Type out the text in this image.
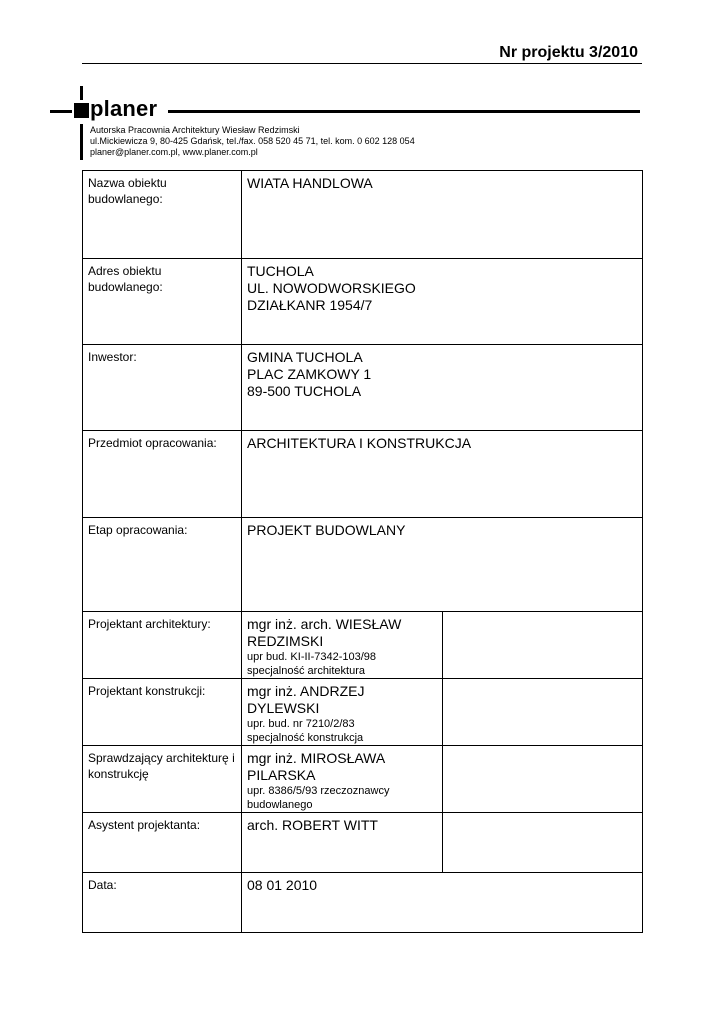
Nr projektu 3/2010
planer
Autorska Pracownia Architektury Wiesław Redzimski
ul.Mickiewicza 9, 80-425 Gdańsk, tel./fax. 058 520 45 71, tel. kom. 0 602 128 054
planer@planer.com.pl, www.planer.com.pl
Nazwa obiektu budowlanego:	WIATA HANDLOWA	
Adres obiektu budowlanego:	TUCHOLA
UL. NOWODWORSKIEGO
DZIAŁKANR 1954/7	

Inwestor:	GMINA TUCHOLA
PLAC ZAMKOWY 1
89-500 TUCHOLA	

Przedmiot opracowania:	ARCHITEKTURA I KONSTRUKCJA	
Etap opracowania:	PROJEKT BUDOWLANY	
Projektant architektury:	mgr inż. arch. WIESŁAW REDZIMSKI
upr bud. KI-II-7342-103/98
specjalność architektura	

Projektant konstrukcji:	mgr inż. ANDRZEJ DYLEWSKI
upr. bud. nr 7210/2/83
specjalność konstrukcja	

Sprawdzający architekturę i konstrukcję	mgr inż. MIROSŁAWA PILARSKA
upr. 8386/5/93 rzeczoznawcy budowlanego	

Asystent projektanta:	arch. ROBERT WITT	
Data:	08 01 2010	
